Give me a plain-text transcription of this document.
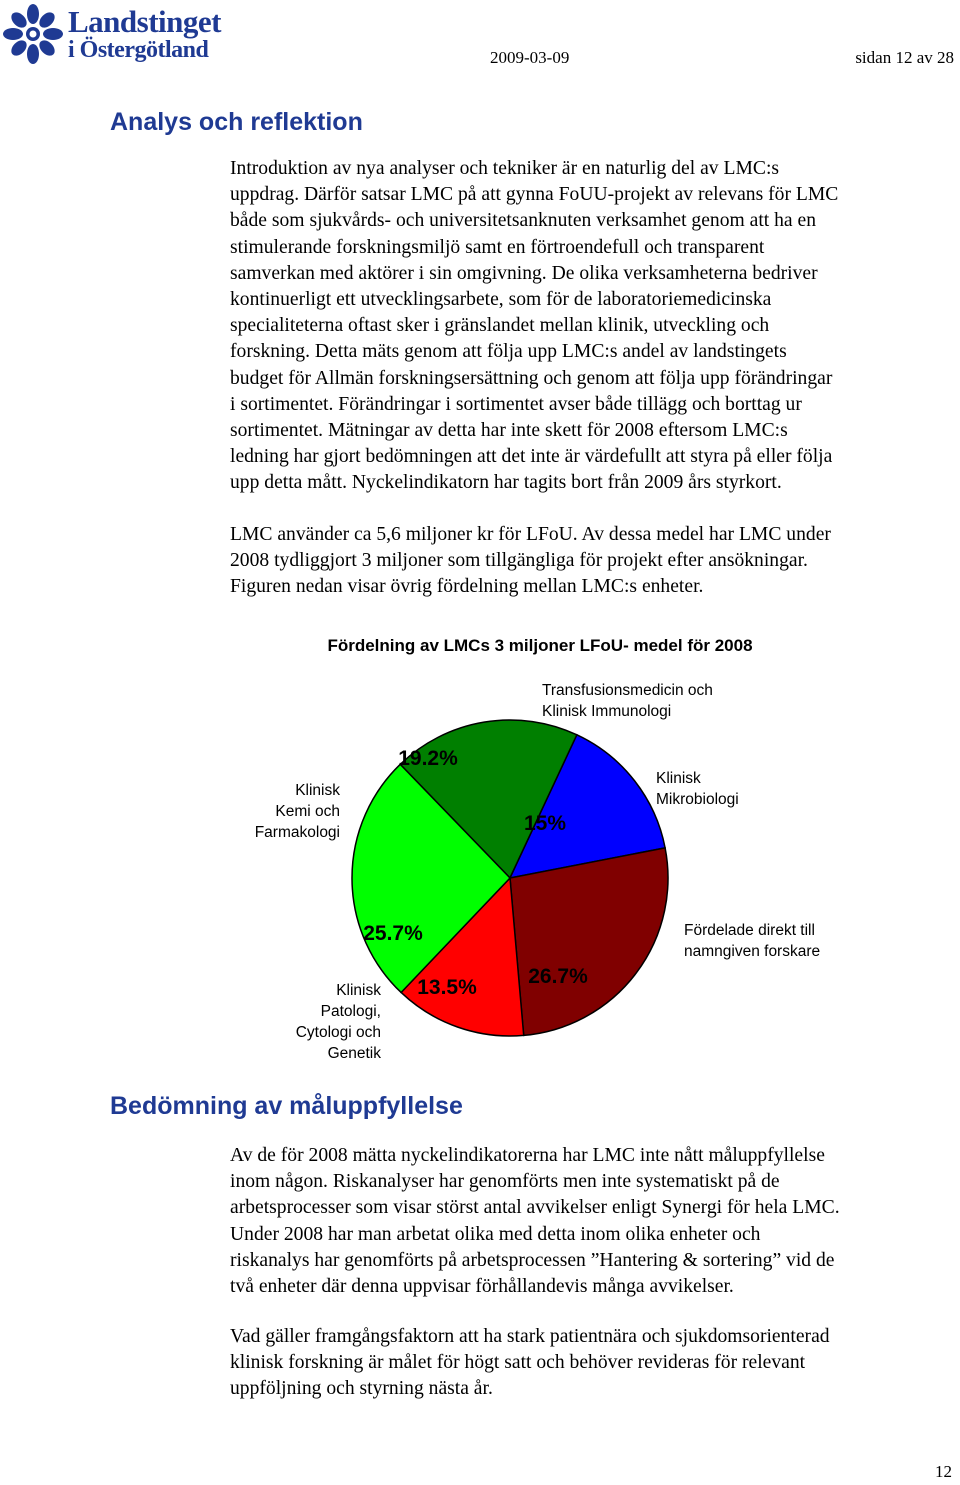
Landstinget
i Östergötland	2009-03-09	sidan 12 av 28
Analys och reflektion
Introduktion av nya analyser och tekniker är en naturlig del av LMC:s
uppdrag. Därför satsar LMC på att gynna FoUU-projekt av relevans för LMC
både som sjukvårds- och universitetsanknuten verksamhet genom att ha en
stimulerande forskningsmiljö samt en förtroendefull och transparent
samverkan med aktörer i sin omgivning. De olika verksamheterna bedriver
kontinuerligt ett utvecklingsarbete, som för de laboratoriemedicinska
specialiteterna oftast sker i gränslandet mellan klinik, utveckling och
forskning. Detta mäts genom att följa upp LMC:s andel av landstingets
budget för Allmän forskningsersättning och genom att följa upp förändringar
i sortimentet. Förändringar i sortimentet avser både tillägg och borttag ur
sortimentet. Mätningar av detta har inte skett för 2008 eftersom LMC:s
ledning har gjort bedömningen att det inte är värdefullt att styra på eller följa
upp detta mått. Nyckelindikatorn har tagits bort från 2009 års styrkort.
LMC använder ca 5,6 miljoner kr för LFoU. Av dessa medel har LMC under
2008 tydliggjort 3 miljoner som tillgängliga för projekt efter ansökningar.
Figuren nedan visar övrig fördelning mellan LMC:s enheter.
Fördelning av LMCs 3 miljoner LFoU- medel för 2008
19.2%
15%
26.7%
13.5%
25.7%
Transfusionsmedicin och
Klinisk Immunologi
Klinisk
Mikrobiologi
Fördelade direkt till
namngiven forskare
Klinisk
Patologi,
Cytologi och
Genetik
Klinisk
Kemi och
Farmakologi
Bedömning av måluppfyllelse
Av de för 2008 mätta nyckelindikatorerna har LMC inte nått måluppfyllelse
inom någon. Riskanalyser har genomförts men inte systematiskt på de
arbetsprocesser som visar störst antal avvikelser enligt Synergi för hela LMC.
Under 2008 har man arbetat olika med detta inom olika enheter och
riskanalys har genomförts på arbetsprocessen ”Hantering & sortering” vid de
två enheter där denna uppvisar förhållandevis många avvikelser.
Vad gäller framgångsfaktorn att ha stark patientnära och sjukdomsorienterad
klinisk forskning är målet för högt satt och behöver revideras för relevant
uppföljning och styrning nästa år.
12
